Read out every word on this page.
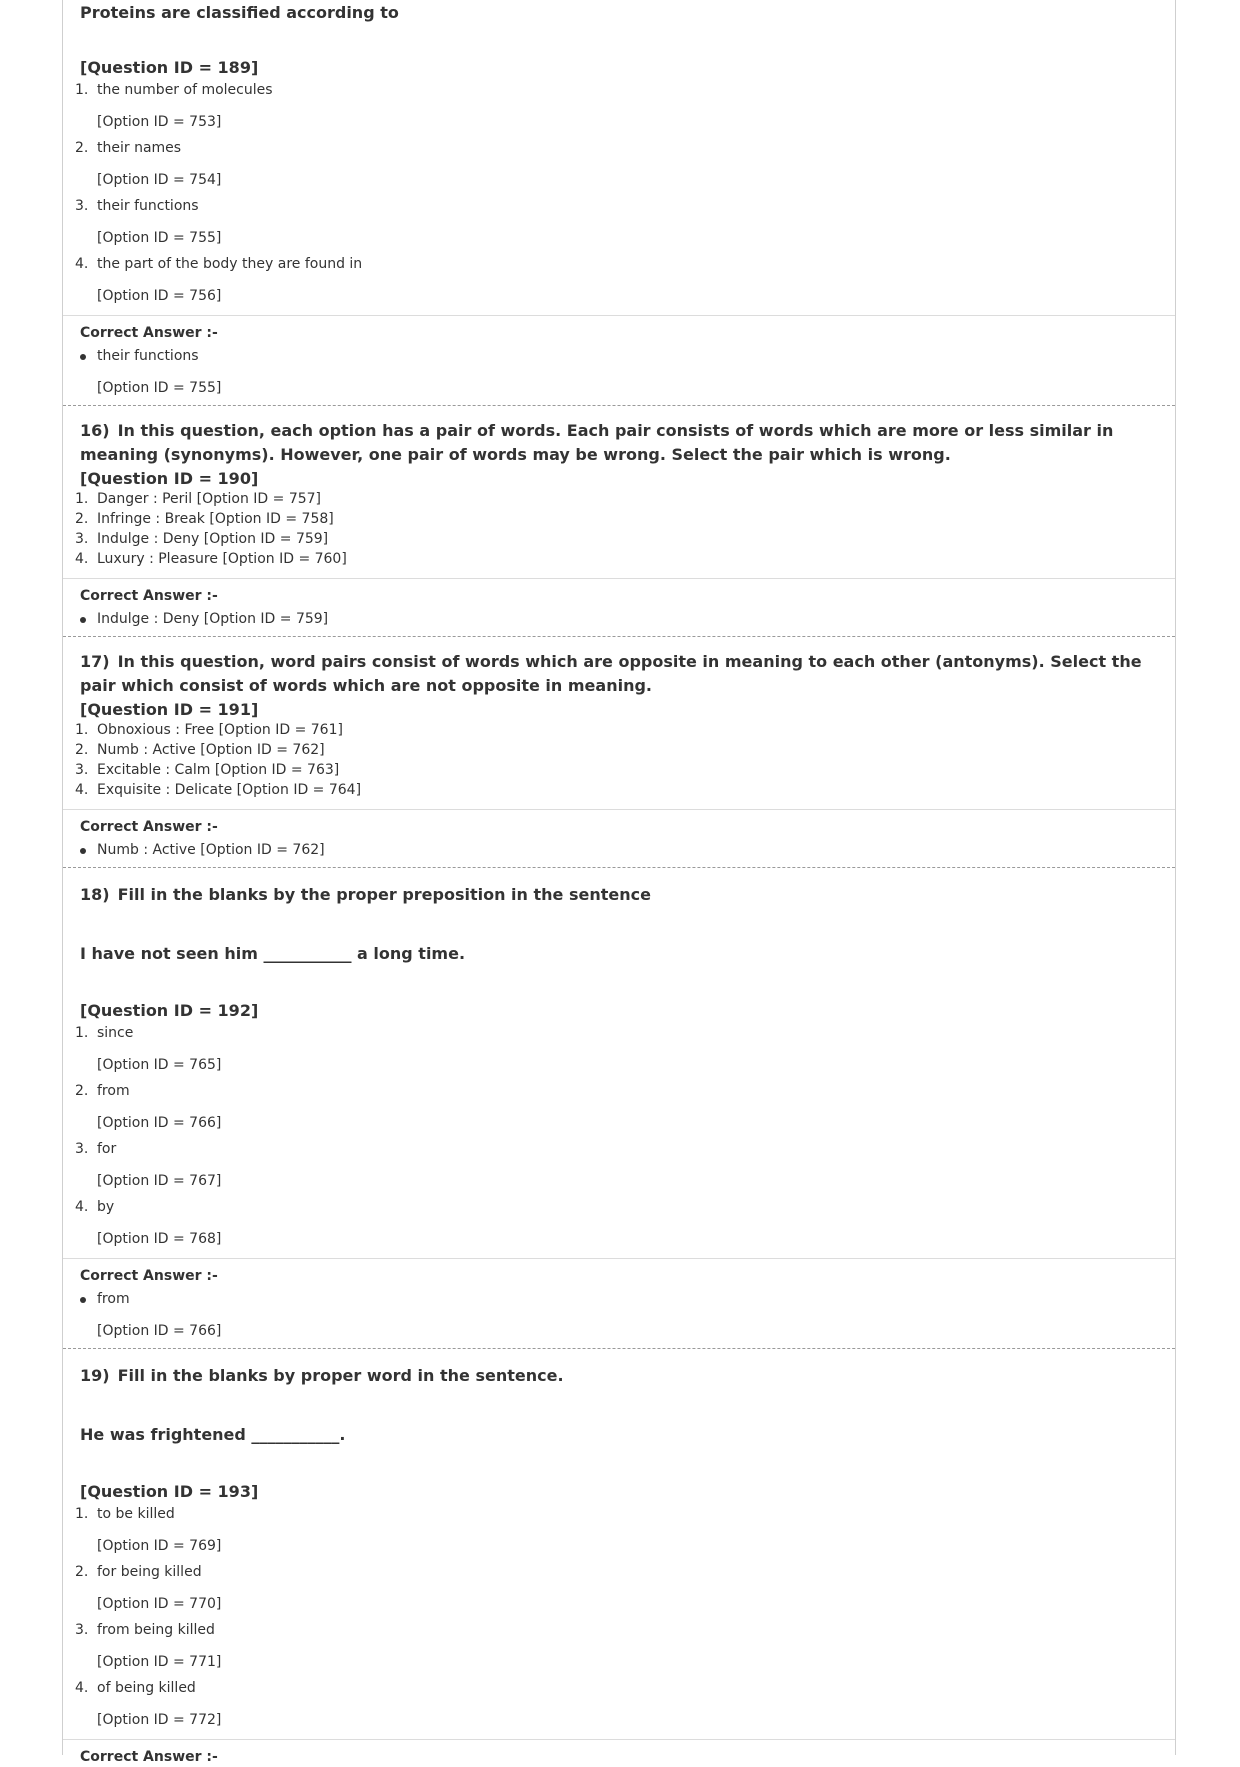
Proteins are classified according to

[Question ID = 189]

1. the number of molecules
[Option ID = 753]
2. their names
[Option ID = 754]
3. their functions
[Option ID = 755]
4. the part of the body they are found in
[Option ID = 756]

Correct Answer :-

their functions
[Option ID = 755]

16) In this question, each option has a pair of words. Each pair consists of words which are more or less similar in meaning (synonyms). However, one pair of words may be wrong. Select the pair which is wrong.

[Question ID = 190]

1. Danger : Peril [Option ID = 757]
2. Infringe : Break [Option ID = 758]
3. Indulge : Deny [Option ID = 759]
4. Luxury : Pleasure [Option ID = 760]

Correct Answer :-

Indulge : Deny [Option ID = 759]

17) In this question, word pairs consist of words which are opposite in meaning to each other (antonyms). Select the pair which consist of words which are not opposite in meaning.

[Question ID = 191]

1. Obnoxious : Free [Option ID = 761]
2. Numb : Active [Option ID = 762]
3. Excitable : Calm [Option ID = 763]
4. Exquisite : Delicate [Option ID = 764]

Correct Answer :-

Numb : Active [Option ID = 762]

18) Fill in the blanks by the proper preposition in the sentence

I have not seen him ___________ a long time.

[Question ID = 192]

1. since
[Option ID = 765]
2. from
[Option ID = 766]
3. for
[Option ID = 767]
4. by
[Option ID = 768]

Correct Answer :-

from
[Option ID = 766]

19) Fill in the blanks by proper word in the sentence.

He was frightened ___________.

[Question ID = 193]

1. to be killed
[Option ID = 769]
2. for being killed
[Option ID = 770]
3. from being killed
[Option ID = 771]
4. of being killed
[Option ID = 772]

Correct Answer :-
